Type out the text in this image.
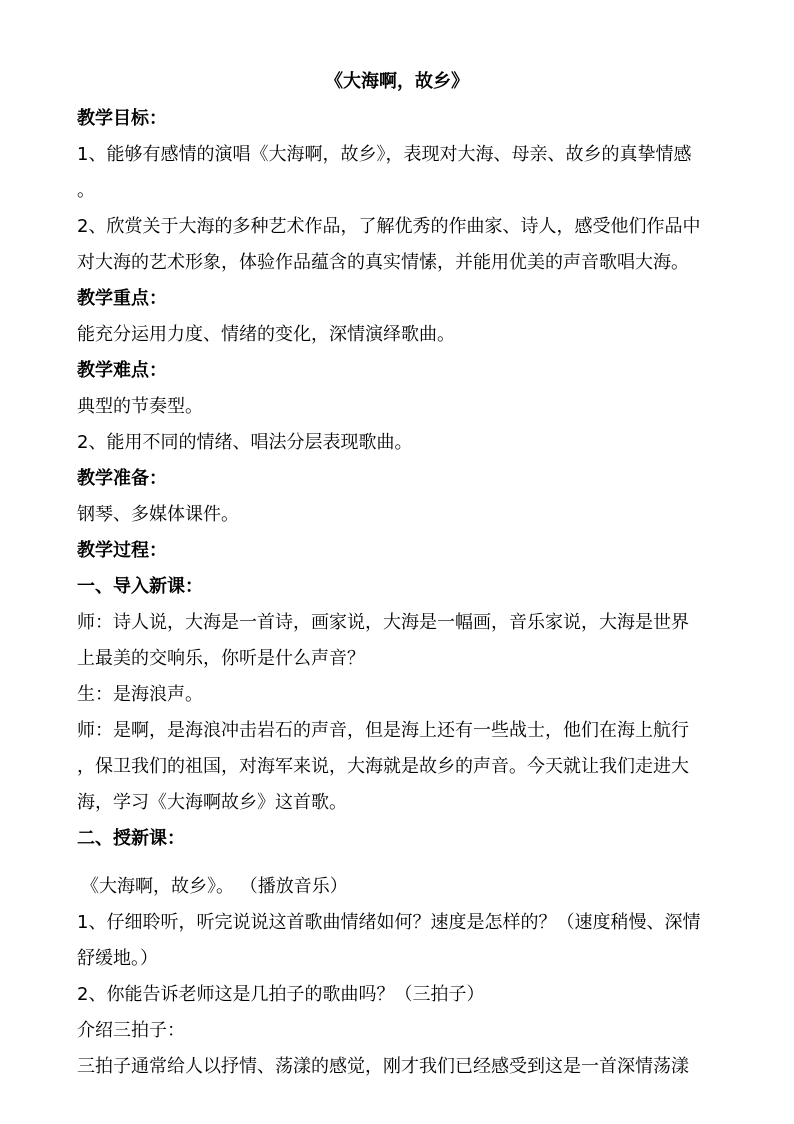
《大海啊，故乡》
教学目标：
1、能够有感情的演唱《大海啊，故乡》，表现对大海、母亲、故乡的真挚情感
。
2、欣赏关于大海的多种艺术作品，了解优秀的作曲家、诗人，感受他们作品中
对大海的艺术形象，体验作品蕴含的真实情愫，并能用优美的声音歌唱大海。
教学重点：
能充分运用力度、情绪的变化，深情演绎歌曲。
教学难点：
典型的节奏型。
2、能用不同的情绪、唱法分层表现歌曲。
教学准备：
钢琴、多媒体课件。
教学过程：
一、导入新课：
师：诗人说，大海是一首诗，画家说，大海是一幅画，音乐家说，大海是世界
上最美的交响乐，你听是什么声音？
生：是海浪声。
师：是啊，是海浪冲击岩石的声音，但是海上还有一些战士，他们在海上航行
，保卫我们的祖国，对海军来说，大海就是故乡的声音。今天就让我们走进大
海，学习《大海啊故乡》这首歌。
二、授新课：
《大海啊，故乡》。 （播放音乐）
1、仔细聆听，听完说说这首歌曲情绪如何？速度是怎样的？（速度稍慢、深情
舒缓地。）
2、你能告诉老师这是几拍子的歌曲吗？（三拍子）
介绍三拍子：
三拍子通常给人以抒情、荡漾的感觉，刚才我们已经感受到这是一首深情荡漾
